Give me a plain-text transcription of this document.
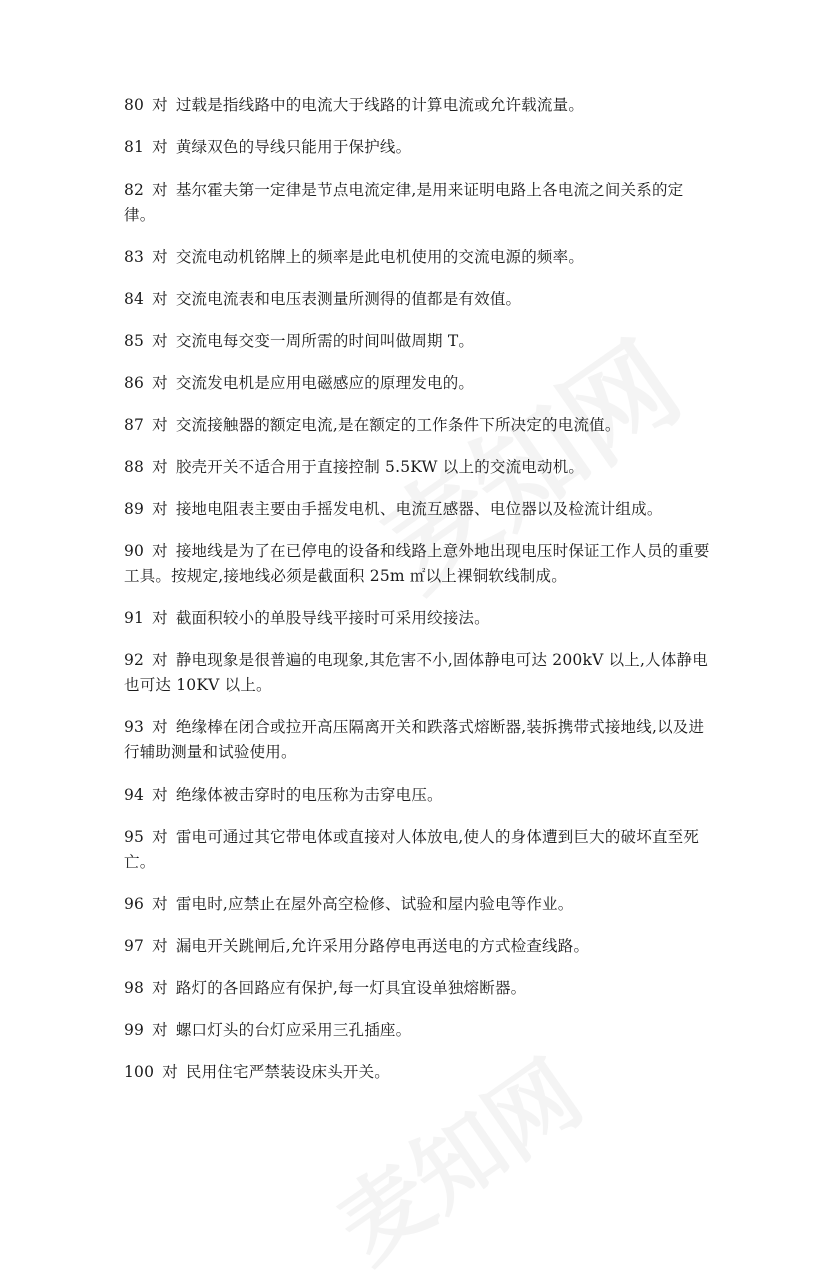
80 对 过载是指线路中的电流大于线路的计算电流或允许载流量。
81 对 黄绿双色的导线只能用于保护线。
82 对 基尔霍夫第一定律是节点电流定律,是用来证明电路上各电流之间关系的定律。
83 对 交流电动机铭牌上的频率是此电机使用的交流电源的频率。
84 对 交流电流表和电压表测量所测得的值都是有效值。
85 对 交流电每交变一周所需的时间叫做周期 T。
86 对 交流发电机是应用电磁感应的原理发电的。
87 对 交流接触器的额定电流,是在额定的工作条件下所决定的电流值。
88 对 胶壳开关不适合用于直接控制 5.5KW 以上的交流电动机。
89 对 接地电阻表主要由手摇发电机、电流互感器、电位器以及检流计组成。
90 对 接地线是为了在已停电的设备和线路上意外地出现电压时保证工作人员的重要工具。按规定,接地线必须是截面积 25m ㎡以上裸铜软线制成。
91 对 截面积较小的单股导线平接时可采用绞接法。
92 对 静电现象是很普遍的电现象,其危害不小,固体静电可达 200kV 以上,人体静电也可达 10KV 以上。
93 对 绝缘棒在闭合或拉开高压隔离开关和跌落式熔断器,装拆携带式接地线,以及进行辅助测量和试验使用。
94 对 绝缘体被击穿时的电压称为击穿电压。
95 对 雷电可通过其它带电体或直接对人体放电,使人的身体遭到巨大的破坏直至死亡。
96 对 雷电时,应禁止在屋外高空检修、试验和屋内验电等作业。
97 对 漏电开关跳闸后,允许采用分路停电再送电的方式检查线路。
98 对 路灯的各回路应有保护,每一灯具宜设单独熔断器。
99 对 螺口灯头的台灯应采用三孔插座。
100 对 民用住宅严禁装设床头开关。
